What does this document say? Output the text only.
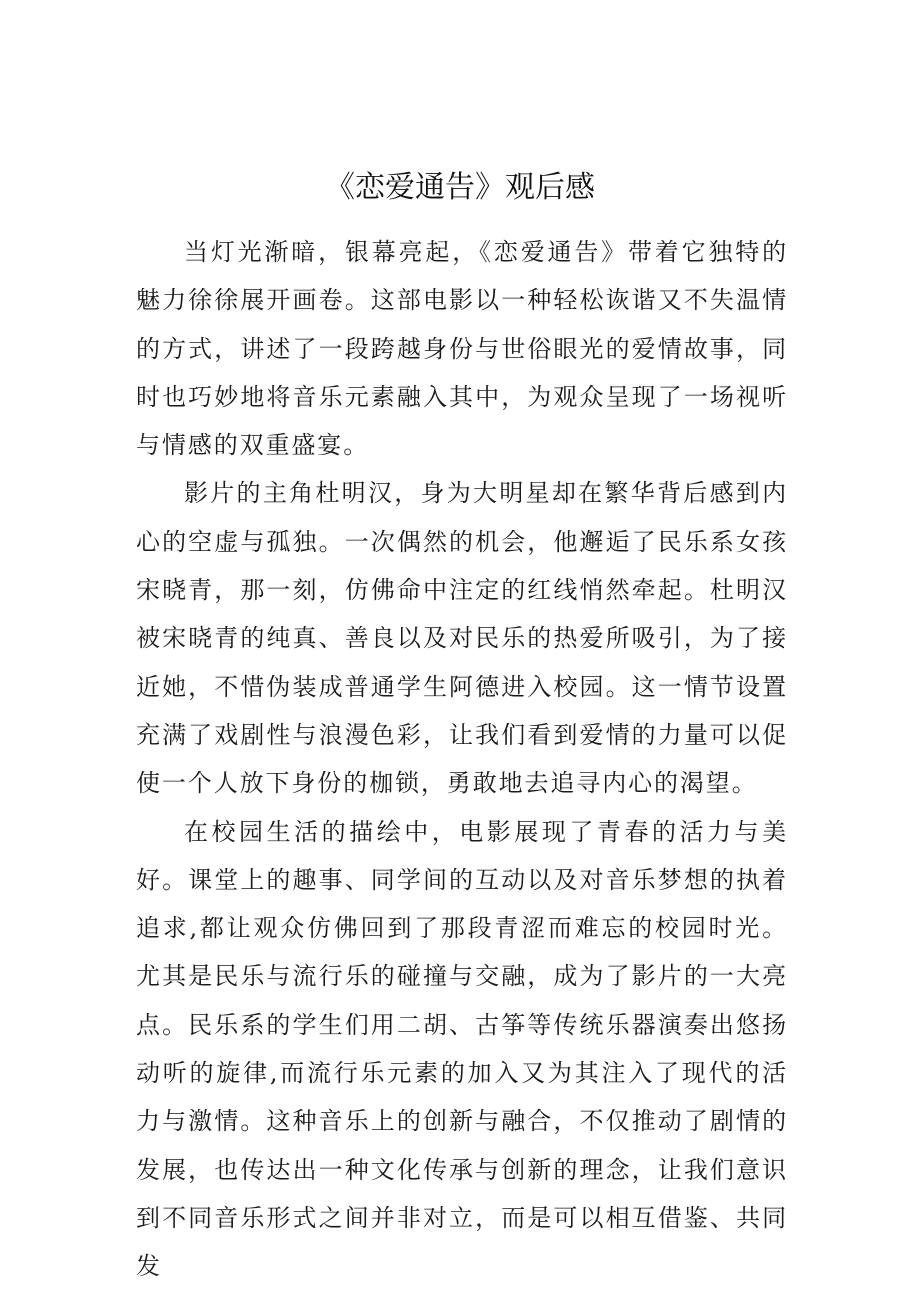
《恋爱通告》观后感

当灯光渐暗，银幕亮起，《恋爱通告》带着它独特的魅力徐徐展开画卷。这部电影以一种轻松诙谐又不失温情的方式，讲述了一段跨越身份与世俗眼光的爱情故事，同时也巧妙地将音乐元素融入其中，为观众呈现了一场视听与情感的双重盛宴。

影片的主角杜明汉，身为大明星却在繁华背后感到内心的空虚与孤独。一次偶然的机会，他邂逅了民乐系女孩宋晓青，那一刻，仿佛命中注定的红线悄然牵起。杜明汉被宋晓青的纯真、善良以及对民乐的热爱所吸引，为了接近她，不惜伪装成普通学生阿德进入校园。这一情节设置充满了戏剧性与浪漫色彩，让我们看到爱情的力量可以促使一个人放下身份的枷锁，勇敢地去追寻内心的渴望。

在校园生活的描绘中，电影展现了青春的活力与美好。课堂上的趣事、同学间的互动以及对音乐梦想的执着追求,都让观众仿佛回到了那段青涩而难忘的校园时光。尤其是民乐与流行乐的碰撞与交融，成为了影片的一大亮点。民乐系的学生们用二胡、古筝等传统乐器演奏出悠扬动听的旋律,而流行乐元素的加入又为其注入了现代的活力与激情。这种音乐上的创新与融合，不仅推动了剧情的发展，也传达出一种文化传承与创新的理念，让我们意识到不同音乐形式之间并非对立，而是可以相互借鉴、共同发
